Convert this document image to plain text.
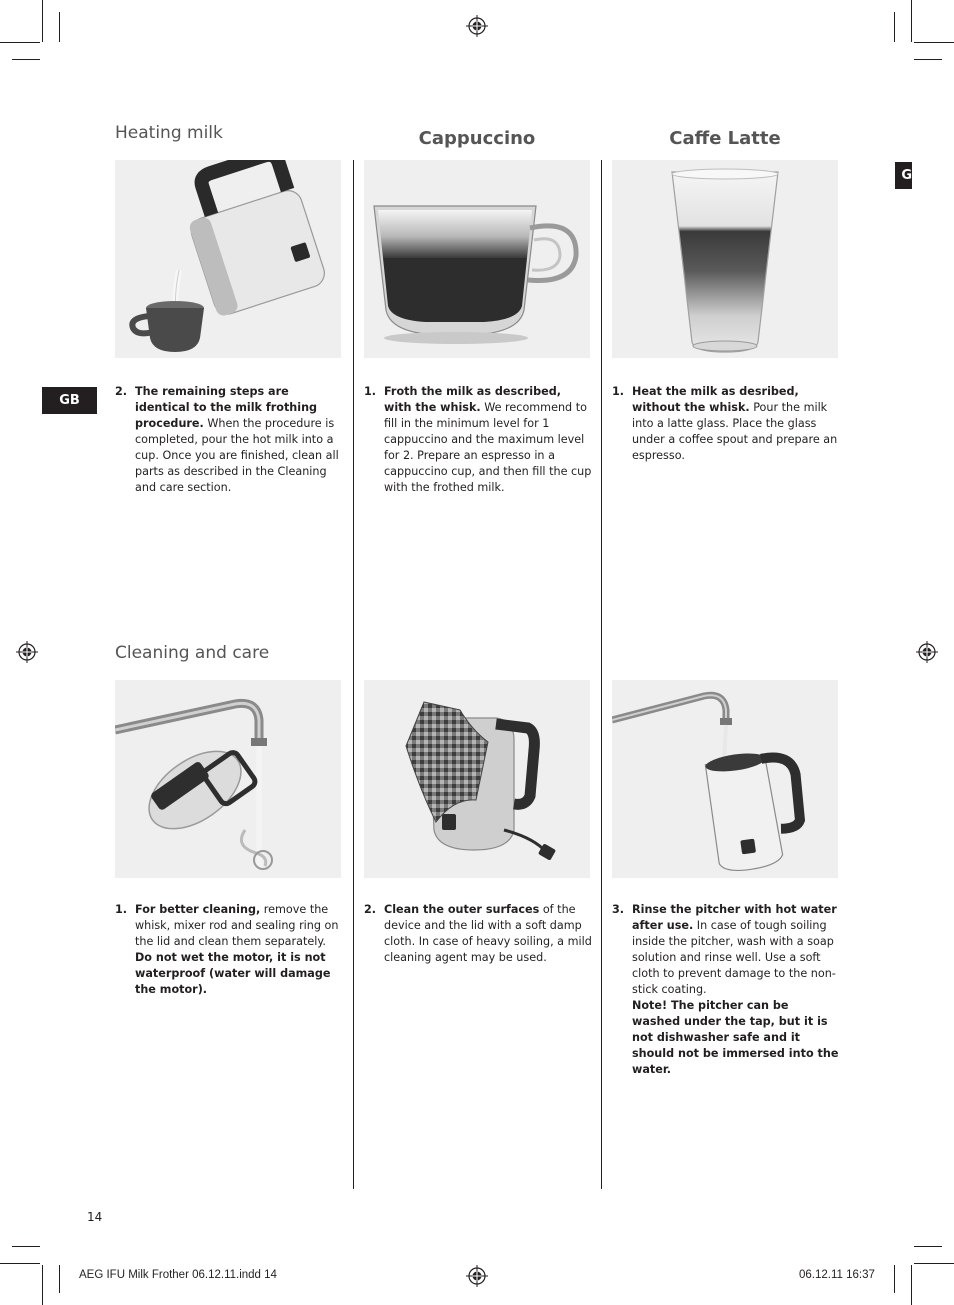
GB
G
Heating milk	Cappuccino	Caffe Latte
Cleaning and care
2. The remaining steps are identical to the milk frothing procedure. When the procedure is completed, pour the hot milk into a cup. Once you are finished, clean all parts as described in the Cleaning and care section.
1. Froth the milk as described, with the whisk. We recommend to fill in the minimum level for 1 cappuccino and the maximum level for 2. Prepare an espresso in a cappuccino cup, and then fill the cup with the frothed milk.
1. Heat the milk as desribed, without the whisk. Pour the milk into a latte glass. Place the glass under a coffee spout and prepare an espresso.
1. For better cleaning, remove the whisk, mixer rod and sealing ring on the lid and clean them separately.
Do not wet the motor, it is not waterproof (water will damage the motor).
2. Clean the outer surfaces of the device and the lid with a soft damp cloth. In case of heavy soiling, a mild cleaning agent may be used.
3. Rinse the pitcher with hot water after use. In case of tough soiling inside the pitcher, wash with a soap solution and rinse well. Use a soft cloth to prevent damage to the non-stick coating.
Note! The pitcher can be washed under the tap, but it is not dishwasher safe and it should not be immersed into the water.
14
AEG IFU Milk Frother 06.12.11.indd 14	06.12.11 16:37
